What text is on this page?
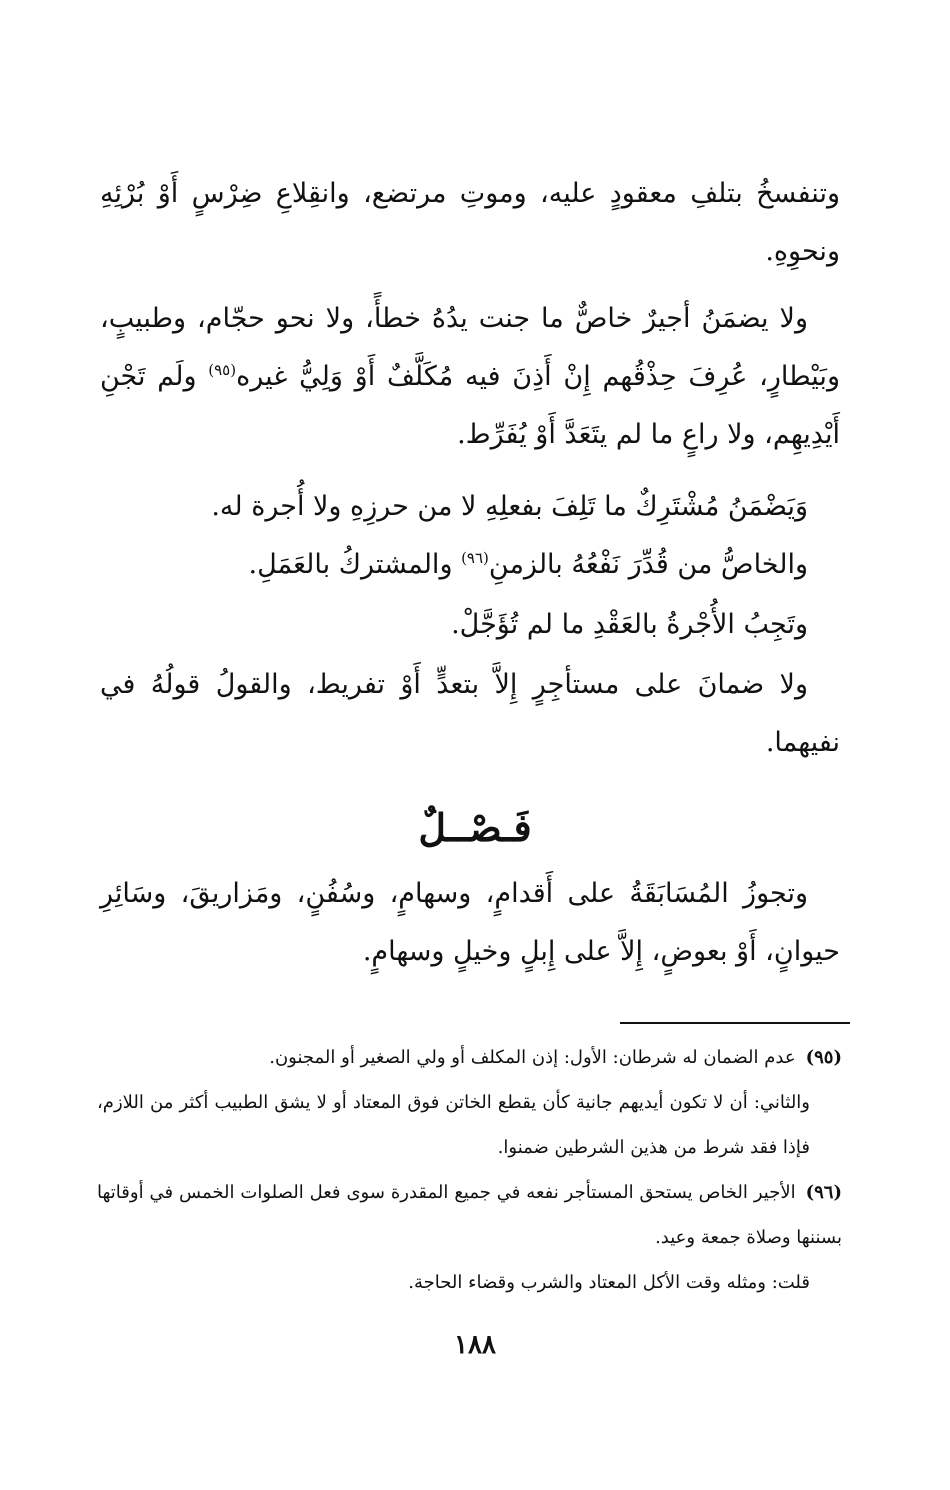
وتنفسخُ بتلفِ معقودٍ عليه، وموتِ مرتضع، وانقِلاعِ ضِرْسٍ أَوْ بُرْئِهِ ونحوِهِ.

ولا يضمَنُ أجيرٌ خاصٌّ ما جنت يدُهُ خطأً، ولا نحو حجّام، وطبيبٍ، وبَيْطارٍ، عُرِفَ حِذْقُهم إِنْ أَذِنَ فيه مُكَلَّفٌ أَوْ وَلِيُّ غيره$^{(٩٥)}$ ولَم تَجْنِ أَيْدِيهِم، ولا راعٍ ما لم يتَعَدَّ أَوْ يُفَرِّط.

وَيَضْمَنُ مُشْتَرِكٌ ما تَلِفَ بفعلِهِ لا من حرزِهِ ولا أُجرة له.

والخاصُّ من قُدِّرَ نَفْعُهُ بالزمنِ$^{(٩٦)}$ والمشتركُ بالعَمَلِ.

وتَجِبُ الأُجْرةُ بالعَقْدِ ما لم تُؤَجَّلْ.

ولا ضمانَ على مستأجِرٍ إِلاَّ بتعدٍّ أَوْ تفريط، والقولُ قولُهُ في نفيهما.

فَـصْــلٌ

وتجوزُ المُسَابَقَةُ على أَقدامٍ، وسهامٍ، وسُفُنٍ، ومَزاريقَ، وسَائِرِ حيوانٍ، أَوْ بعوضٍ، إِلاَّ على إِبلٍ وخيلٍ وسهامٍ.

(٩٥)عدم الضمان له شرطان: الأول: إذن المكلف أو ولي الصغير أو المجنون.

والثاني: أن لا تكون أيديهم جانية كأن يقطع الخاتن فوق المعتاد أو لا يشق الطبيب أكثر من اللازم، فإذا فقد شرط من هذين الشرطين ضمنوا.

(٩٦)الأجير الخاص يستحق المستأجر نفعه في جميع المقدرة سوى فعل الصلوات الخمس في أوقاتها بسننها وصلاة جمعة وعيد.

قلت: ومثله وقت الأكل المعتاد والشرب وقضاء الحاجة.

١٨٨
